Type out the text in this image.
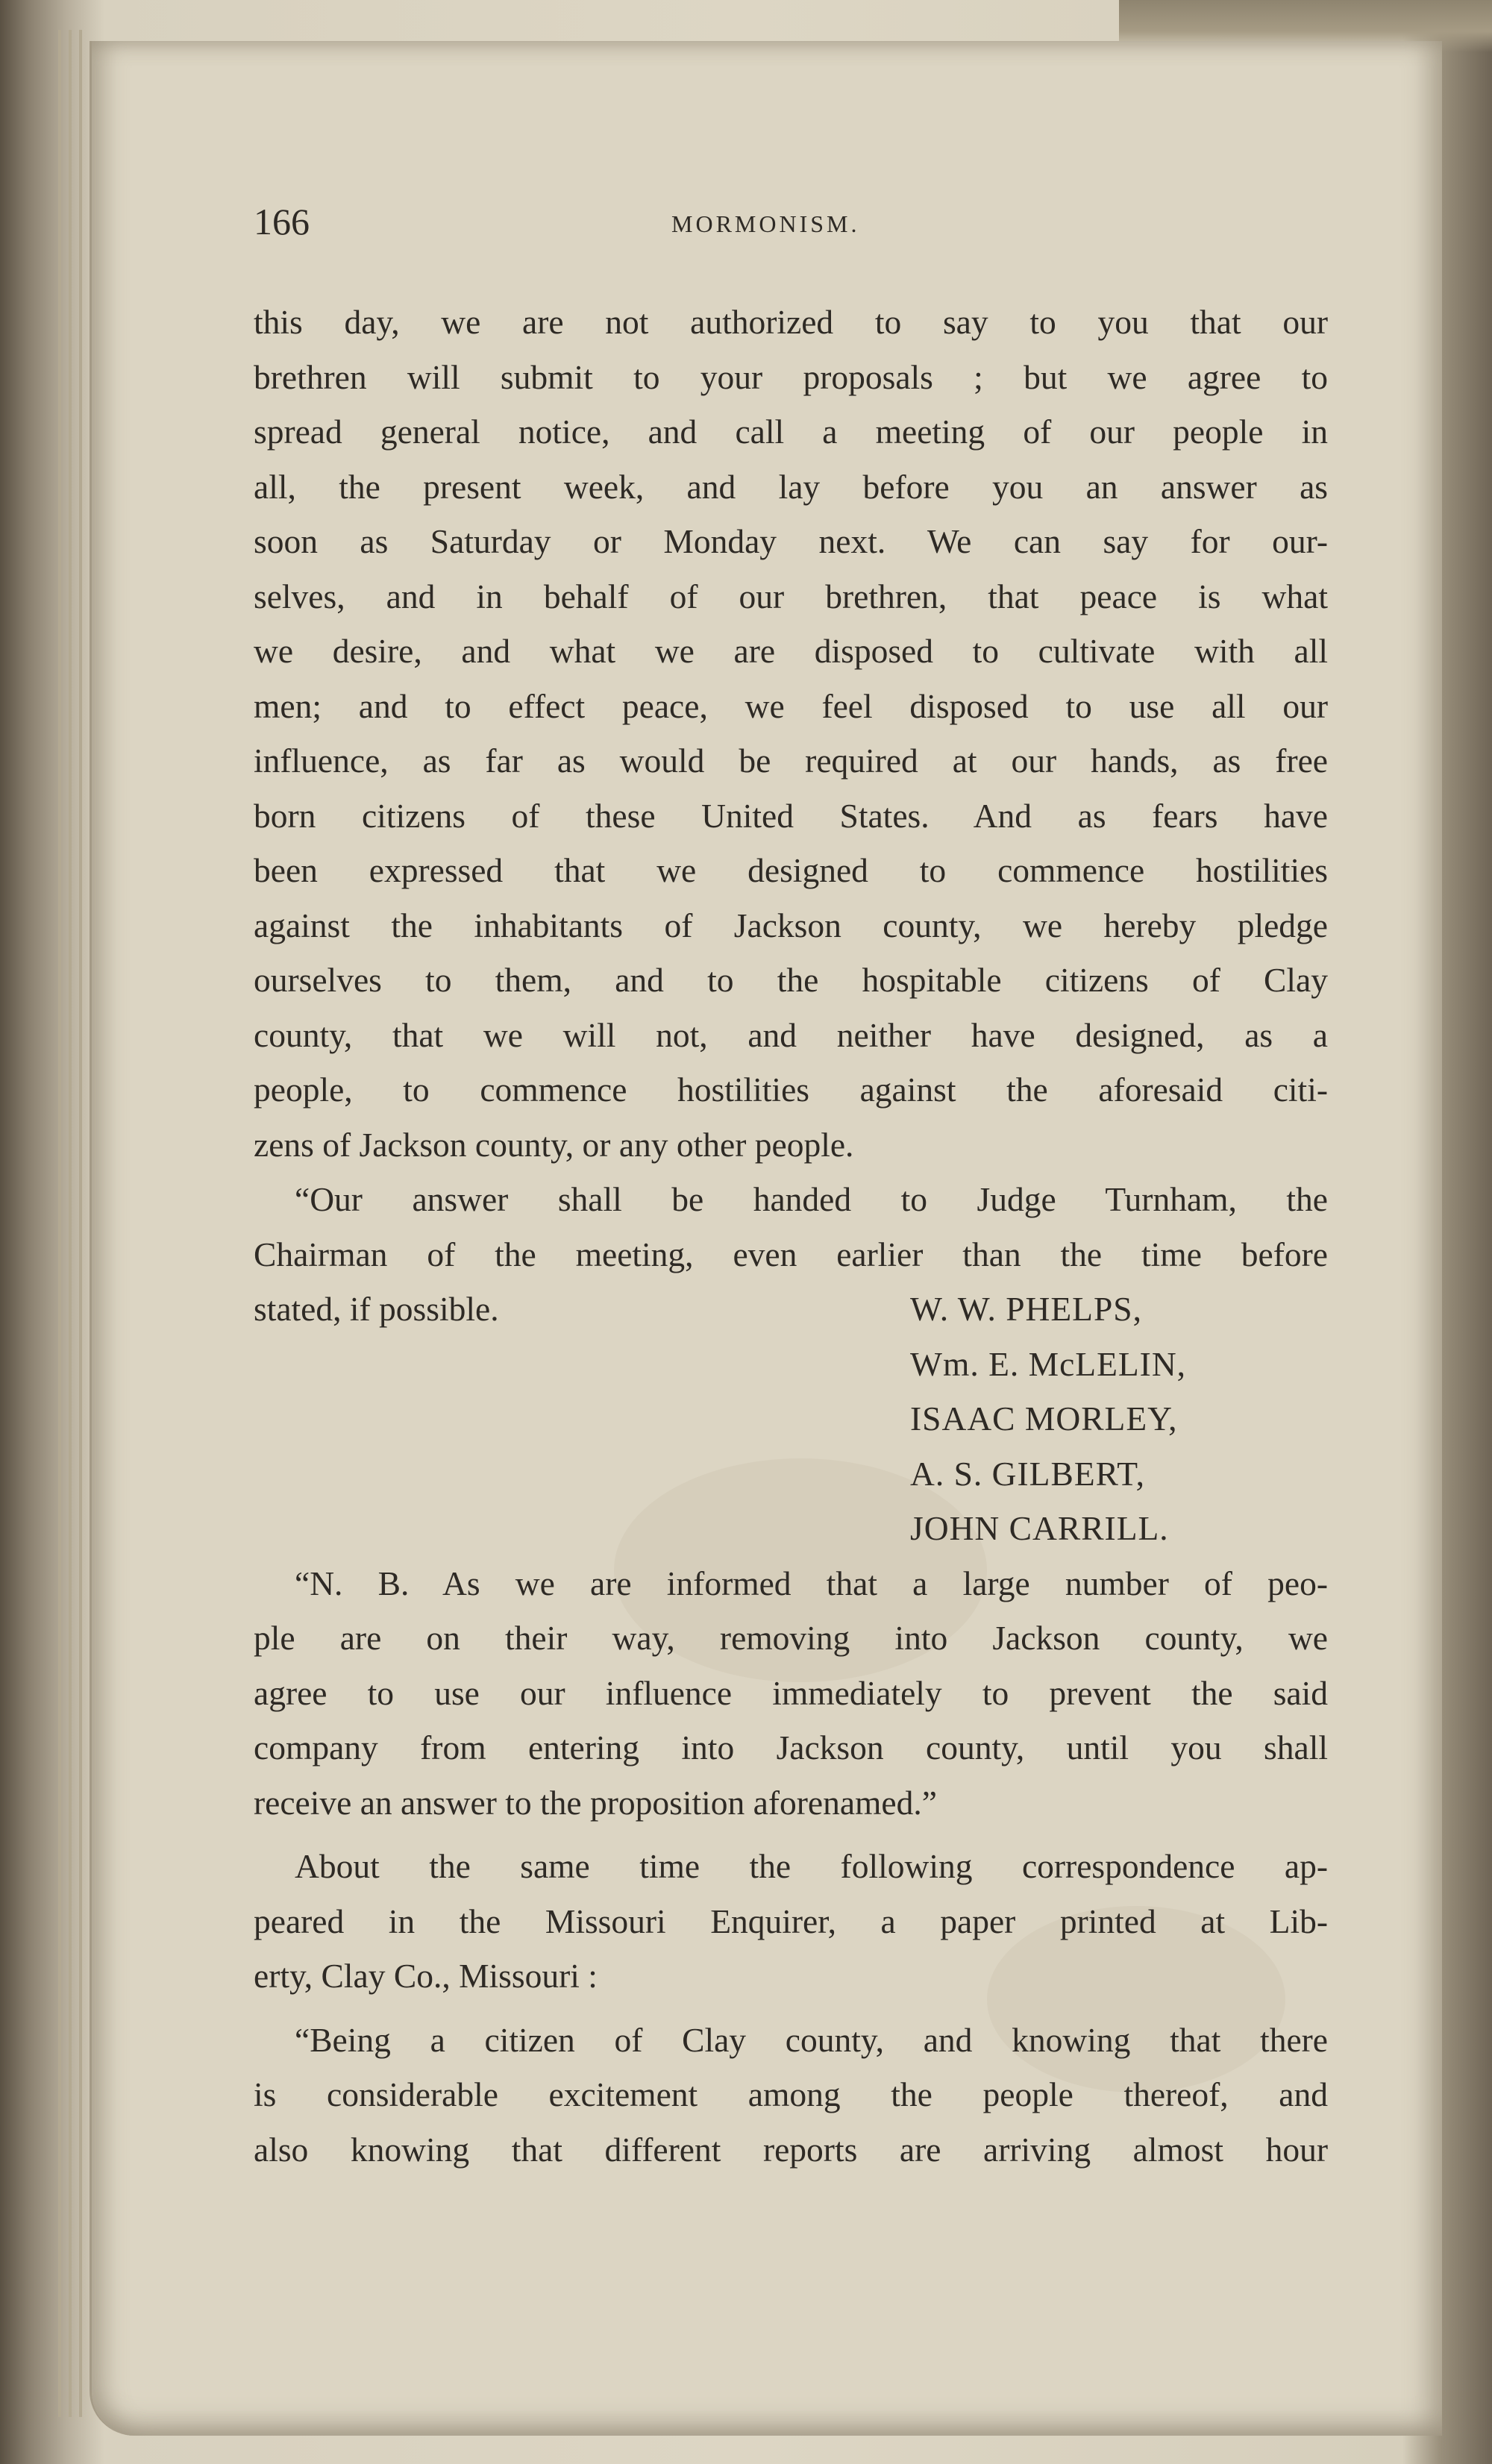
166	MORMONISM.
this day, we are not authorized to say to you that our
brethren will submit to your proposals ; but we agree to
spread general notice, and call a meeting of our people in
all, the present week, and lay before you an answer as
soon as Saturday or Monday next. We can say for our-
selves, and in behalf of our brethren, that peace is what
we desire, and what we are disposed to cultivate with all
men; and to effect peace, we feel disposed to use all our
influence, as far as would be required at our hands, as free
born citizens of these United States. And as fears have
been expressed that we designed to commence hostilities
against the inhabitants of Jackson county, we hereby pledge
ourselves to them, and to the hospitable citizens of Clay
county, that we will not, and neither have designed, as a
people, to commence hostilities against the aforesaid citi-
zens of Jackson county, or any other people.
“Our answer shall be handed to Judge Turnham, the
Chairman of the meeting, even earlier than the time before
stated, if possible.	W. W. PHELPS,
Wm. E. McLELIN,
ISAAC MORLEY,
A. S. GILBERT,
JOHN CARRILL.
“N. B. As we are informed that a large number of peo-
ple are on their way, removing into Jackson county, we
agree to use our influence immediately to prevent the said
company from entering into Jackson county, until you shall
receive an answer to the proposition aforenamed.”
About the same time the following correspondence ap-
peared in the Missouri Enquirer, a paper printed at Lib-
erty, Clay Co., Missouri :
“Being a citizen of Clay county, and knowing that there
is considerable excitement among the people thereof, and
also knowing that different reports are arriving almost hour
